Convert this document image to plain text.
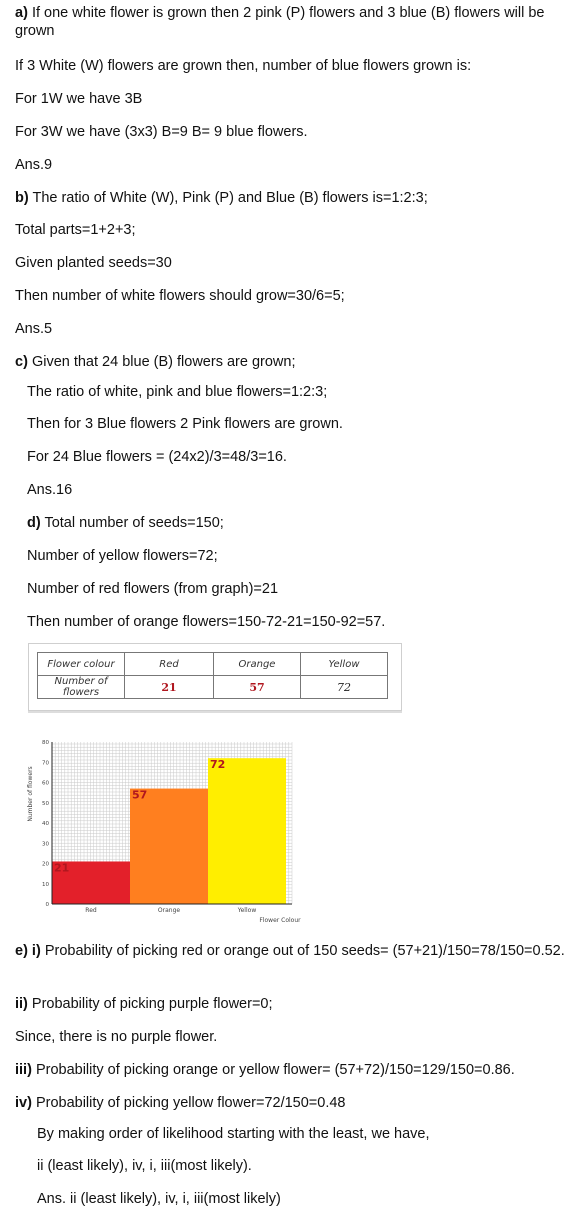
a) If one white flower is grown then 2 pink (P) flowers and 3 blue (B) flowers will be grown
If 3 White (W) flowers are grown then, number of blue flowers grown is:
For 1W we have 3B
For 3W we have (3x3) B=9 B= 9 blue flowers.
Ans.9
b) The ratio of White (W), Pink (P) and Blue (B) flowers is=1:2:3;
Total parts=1+2+3;
Given planted seeds=30
Then number of white flowers should grow=30/6=5;
Ans.5
c) Given that 24 blue (B) flowers are grown;
The ratio of white, pink and blue flowers=1:2:3;
Then for 3 Blue flowers 2 Pink flowers are grown.
For 24 Blue flowers = (24x2)/3=48/3=16.
Ans.16
d) Total number of seeds=150;
Number of yellow flowers=72;
Number of red flowers (from graph)=21
Then number of orange flowers=150-72-21=150-92=57.
Flower colour	Red	Orange	Yellow
Number of
flowers	21	57	72
21
Red
57
Orange
72
Yellow
0
10
20
30
40
50
60
70
80
Number of flowers
Flower Colour
e) i) Probability of picking red or orange out of 150 seeds= (57+21)/150=78/150=0.52.
ii) Probability of picking purple flower=0;
Since, there is no purple flower.
iii) Probability of picking orange or yellow flower= (57+72)/150=129/150=0.86.
iv) Probability of picking yellow flower=72/150=0.48
By making order of likelihood starting with the least, we have,
ii (least likely), iv, i, iii(most likely).
Ans. ii (least likely), iv, i, iii(most likely)
